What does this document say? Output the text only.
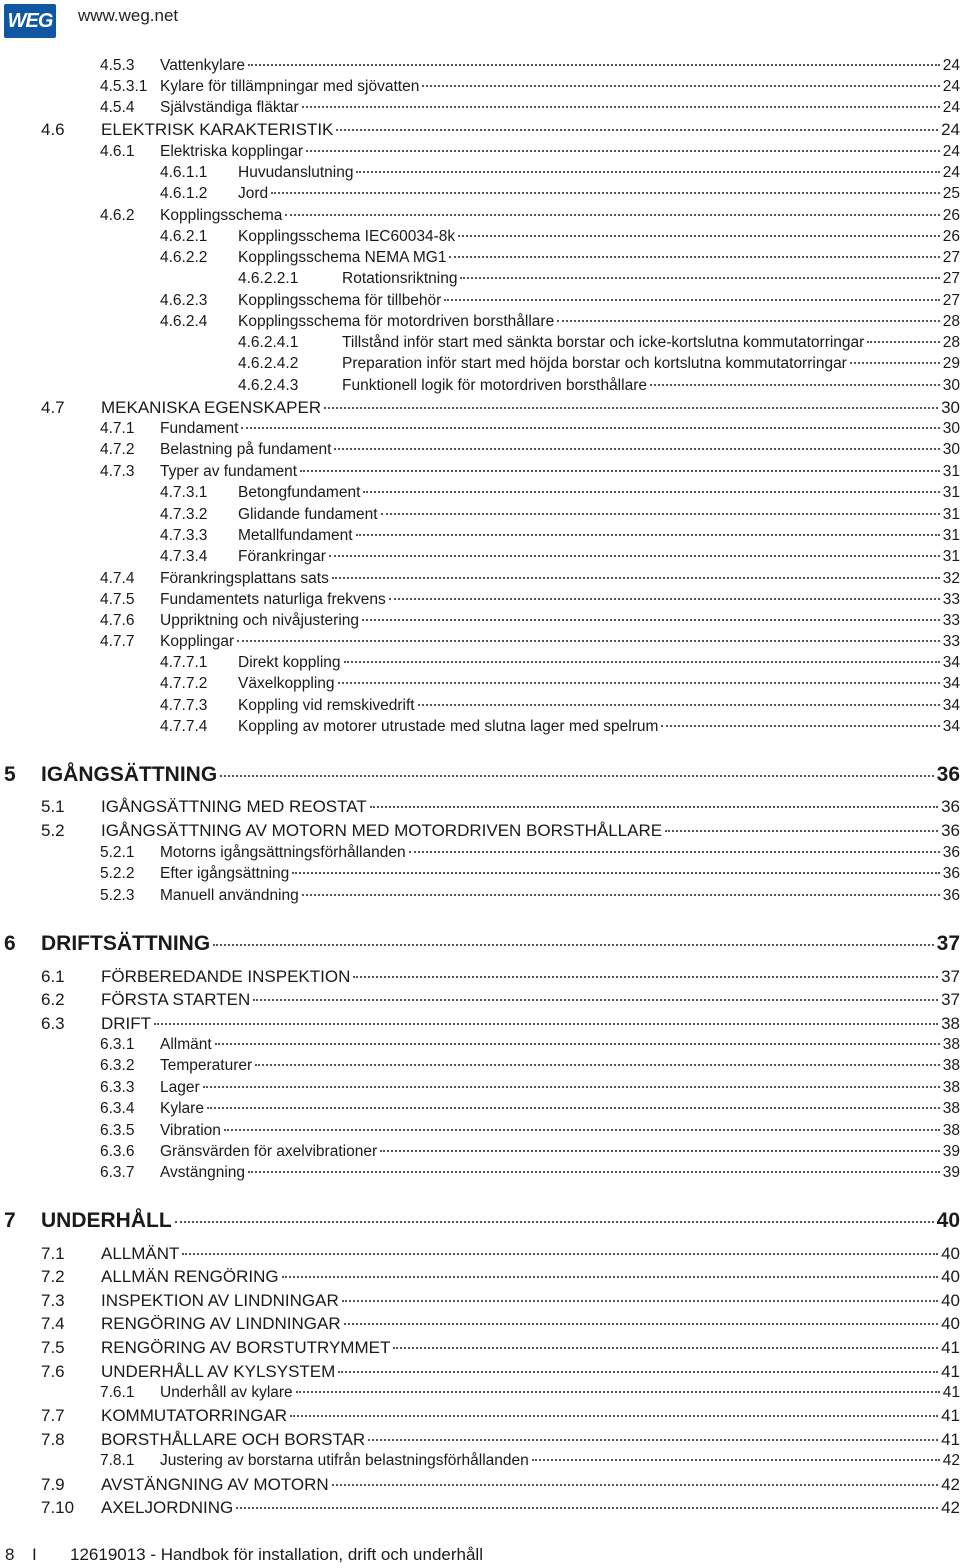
WEG www.weg.net
4.5.3 Vattenkylare	24
4.5.3.1 Kylare för tillämpningar med sjövatten	24
4.5.4 Självständiga fläktar	24
4.6 ELEKTRISK KARAKTERISTIK	24
4.6.1 Elektriska kopplingar	24
4.6.1.1 Huvudanslutning	24
4.6.1.2 Jord	25
4.6.2 Kopplingsschema	26
4.6.2.1 Kopplingsschema IEC60034-8k	26
4.6.2.2 Kopplingsschema NEMA MG1	27
4.6.2.2.1	Rotationsriktning	27
4.6.2.3 Kopplingsschema för tillbehör	27
4.6.2.4 Kopplingsschema för motordriven borsthållare	28
4.6.2.4.1	Tillstånd inför start med sänkta borstar och icke-kortslutna kommutatorringar	28
4.6.2.4.2	Preparation inför start med höjda borstar och kortslutna kommutatorringar	29
4.6.2.4.3	Funktionell logik för motordriven borsthållare	30
4.7 MEKANISKA EGENSKAPER	30
4.7.1 Fundament	30
4.7.2 Belastning på fundament	30
4.7.3 Typer av fundament	31
4.7.3.1 Betongfundament	31
4.7.3.2 Glidande fundament	31
4.7.3.3 Metallfundament	31
4.7.3.4 Förankringar	31
4.7.4 Förankringsplattans sats	32
4.7.5 Fundamentets naturliga frekvens	33
4.7.6 Uppriktning och nivåjustering	33
4.7.7 Kopplingar	33
4.7.7.1 Direkt koppling	34
4.7.7.2 Växelkoppling	34
4.7.7.3 Koppling vid remskivedrift	34
4.7.7.4 Koppling av motorer utrustade med slutna lager med spelrum	34
5 IGÅNGSÄTTNING	36
5.1 IGÅNGSÄTTNING MED REOSTAT	36
5.2 IGÅNGSÄTTNING AV MOTORN MED MOTORDRIVEN BORSTHÅLLARE	36
5.2.1 Motorns igångsättningsförhållanden	36
5.2.2 Efter igångsättning	36
5.2.3 Manuell användning	36
6 DRIFTSÄTTNING	37
6.1 FÖRBEREDANDE INSPEKTION	37
6.2 FÖRSTA STARTEN	37
6.3 DRIFT	38
6.3.1 Allmänt	38
6.3.2 Temperaturer	38
6.3.3 Lager	38
6.3.4 Kylare	38
6.3.5 Vibration	38
6.3.6 Gränsvärden för axelvibrationer	39
6.3.7 Avstängning	39
7 UNDERHÅLL	40
7.1 ALLMÄNT	40
7.2 ALLMÄN RENGÖRING	40
7.3 INSPEKTION AV LINDNINGAR	40
7.4 RENGÖRING AV LINDNINGAR	40
7.5 RENGÖRING AV BORSTUTRYMMET	41
7.6 UNDERHÅLL AV KYLSYSTEM	41
7.6.1 Underhåll av kylare	41
7.7 KOMMUTATORRINGAR	41
7.8 BORSTHÅLLARE OCH BORSTAR	41
7.8.1 Justering av borstarna utifrån belastningsförhållanden	42
7.9 AVSTÄNGNING AV MOTORN	42
7.10 AXELJORDNING	42
8 I 12619013 - Handbok för installation, drift och underhåll
